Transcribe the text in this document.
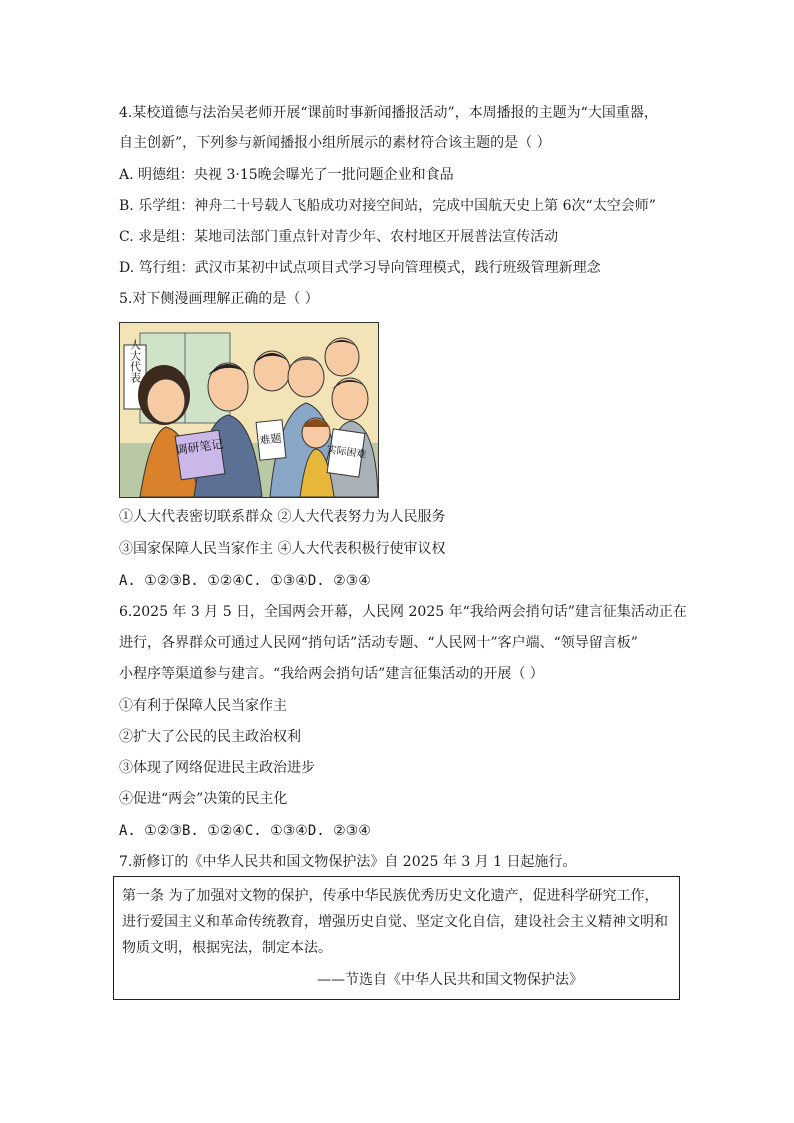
4.某校道德与法治吴老师开展“课前时事新闻播报活动”，本周播报的主题为“大国重器，
自主创新”，下列参与新闻播报小组所展示的素材符合该主题的是（ ）
A. 明德组：央视 3·15晚会曝光了一批问题企业和食品
B. 乐学组：神舟二十号载人飞船成功对接空间站，完成中国航天史上第 6次“太空会师”
C. 求是组：某地司法部门重点针对青少年、农村地区开展普法宣传活动
D. 笃行组：武汉市某初中试点项目式学习导向管理模式，践行班级管理新理念
5.对下侧漫画理解正确的是（ ）
人大代表
调研笔记	难题
实际困难
①人大代表密切联系群众 ②人大代表努力为人民服务
③国家保障人民当家作主 ④人大代表积极行使审议权
A. ①②③B. ①②④C. ①③④D. ②③④
6.2025 年 3 月 5 日，全国两会开幕，人民网 2025 年“我给两会捎句话”建言征集活动正在
进行，各界群众可通过人民网“捎句话”活动专题、“人民网十”客户端、“领导留言板”
小程序等渠道参与建言。“我给两会捎句话”建言征集活动的开展（ ）
①有利于保障人民当家作主
②扩大了公民的民主政治权利
③体现了网络促进民主政治进步
④促进“两会”决策的民主化
A. ①②③B. ①②④C. ①③④D. ②③④
7.新修订的《中华人民共和国文物保护法》自 2025 年 3 月 1 日起施行。

第一条 为了加强对文物的保护，传承中华民族优秀历史文化遗产，促进科学研究工作，进行爱国主义和革命传统教育，增强历史自觉、坚定文化自信，建设社会主义精神文明和物质文明，根据宪法，制定本法。

——节选自《中华人民共和国文物保护法》
